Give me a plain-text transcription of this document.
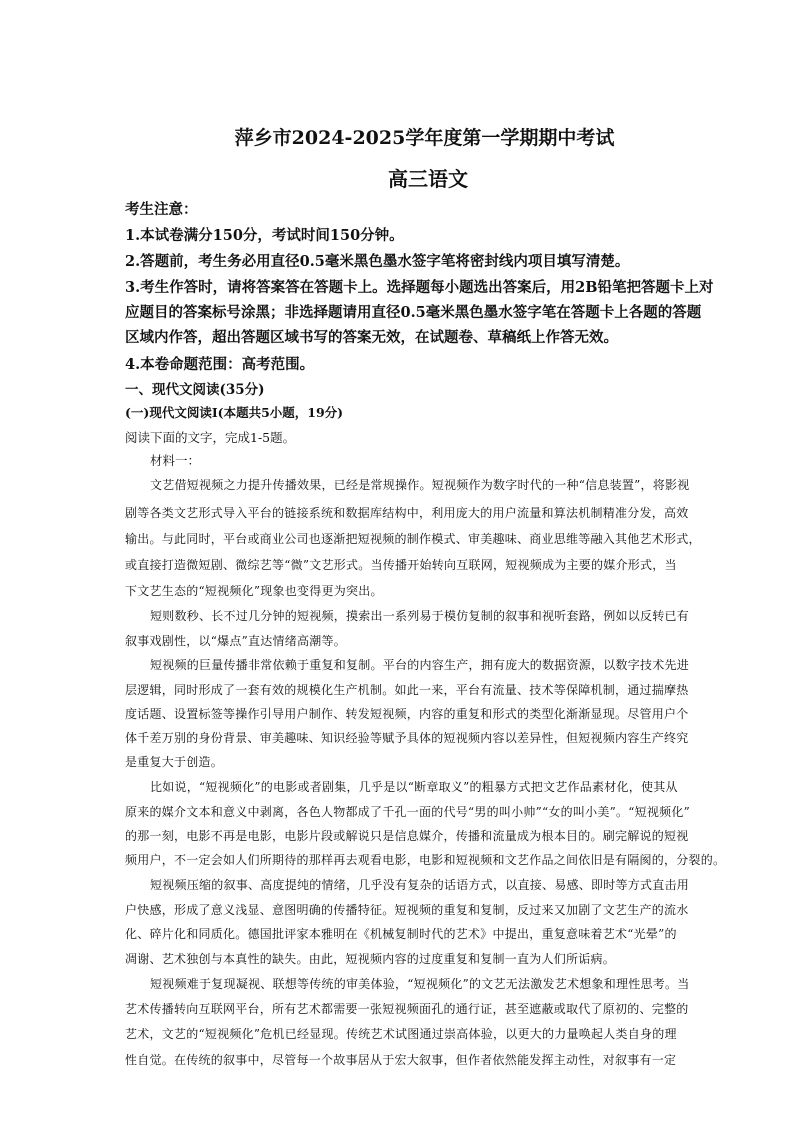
萍乡市2024-2025学年度第一学期期中考试
高三语文
考生注意：
1.本试卷满分150分，考试时间150分钟。
2.答题前，考生务必用直径0.5毫米黑色墨水签字笔将密封线内项目填写清楚。
3.考生作答时，请将答案答在答题卡上。选择题每小题选出答案后，用2B铅笔把答题卡上对
应题目的答案标号涂黑；非选择题请用直径0.5毫米黑色墨水签字笔在答题卡上各题的答题
区域内作答，超出答题区域书写的答案无效，在试题卷、草稿纸上作答无效。
4.本卷命题范围：高考范围。
一、现代文阅读(35分)
(一)现代文阅读Ⅰ(本题共5小题，19分)
阅读下面的文字，完成1-5题。
材料一：
文艺借短视频之力提升传播效果，已经是常规操作。短视频作为数字时代的一种“信息装置”，将影视
剧等各类文艺形式导入平台的链接系统和数据库结构中，利用庞大的用户流量和算法机制精准分发，高效
输出。与此同时，平台或商业公司也逐渐把短视频的制作模式、审美趣味、商业思维等融入其他艺术形式，
或直接打造微短剧、微综艺等“微”文艺形式。当传播开始转向互联网，短视频成为主要的媒介形式，当
下文艺生态的“短视频化”现象也变得更为突出。
短则数秒、长不过几分钟的短视频，摸索出一系列易于模仿复制的叙事和视听套路，例如以反转已有
叙事戏剧性，以“爆点”直达情绪高潮等。
短视频的巨量传播非常依赖于重复和复制。平台的内容生产，拥有庞大的数据资源，以数字技术先进
层逻辑，同时形成了一套有效的规模化生产机制。如此一来，平台有流量、技术等保障机制，通过揣摩热
度话题、设置标签等操作引导用户制作、转发短视频，内容的重复和形式的类型化渐渐显现。尽管用户个
体千差万别的身份背景、审美趣味、知识经验等赋予具体的短视频内容以差异性，但短视频内容生产终究
是重复大于创造。
比如说，“短视频化”的电影或者剧集，几乎是以“断章取义”的粗暴方式把文艺作品素材化，使其从
原来的媒介文本和意义中剥离，各色人物都成了千孔一面的代号“男的叫小帅”“女的叫小美”。“短视频化”
的那一刻，电影不再是电影，电影片段或解说只是信息媒介，传播和流量成为根本目的。刷完解说的短视
频用户，不一定会如人们所期待的那样再去观看电影，电影和短视频和文艺作品之间依旧是有隔阂的，分裂的。
短视频压缩的叙事、高度提纯的情绪，几乎没有复杂的话语方式，以直接、易感、即时等方式直击用
户快感，形成了意义浅显、意图明确的传播特征。短视频的重复和复制，反过来又加剧了文艺生产的流水
化、碎片化和同质化。德国批评家本雅明在《机械复制时代的艺术》中提出，重复意味着艺术“光晕”的
凋谢、艺术独创与本真性的缺失。由此，短视频内容的过度重复和复制一直为人们所诟病。
短视频难于复现凝视、联想等传统的审美体验，“短视频化”的文艺无法激发艺术想象和理性思考。当
艺术传播转向互联网平台，所有艺术都需要一张短视频面孔的通行证，甚至遮蔽或取代了原初的、完整的
艺术，文艺的“短视频化”危机已经显现。传统艺术试图通过崇高体验，以更大的力量唤起人类自身的理
性自觉。在传统的叙事中，尽管每一个故事居从于宏大叙事，但作者依然能发挥主动性，对叙事有一定
